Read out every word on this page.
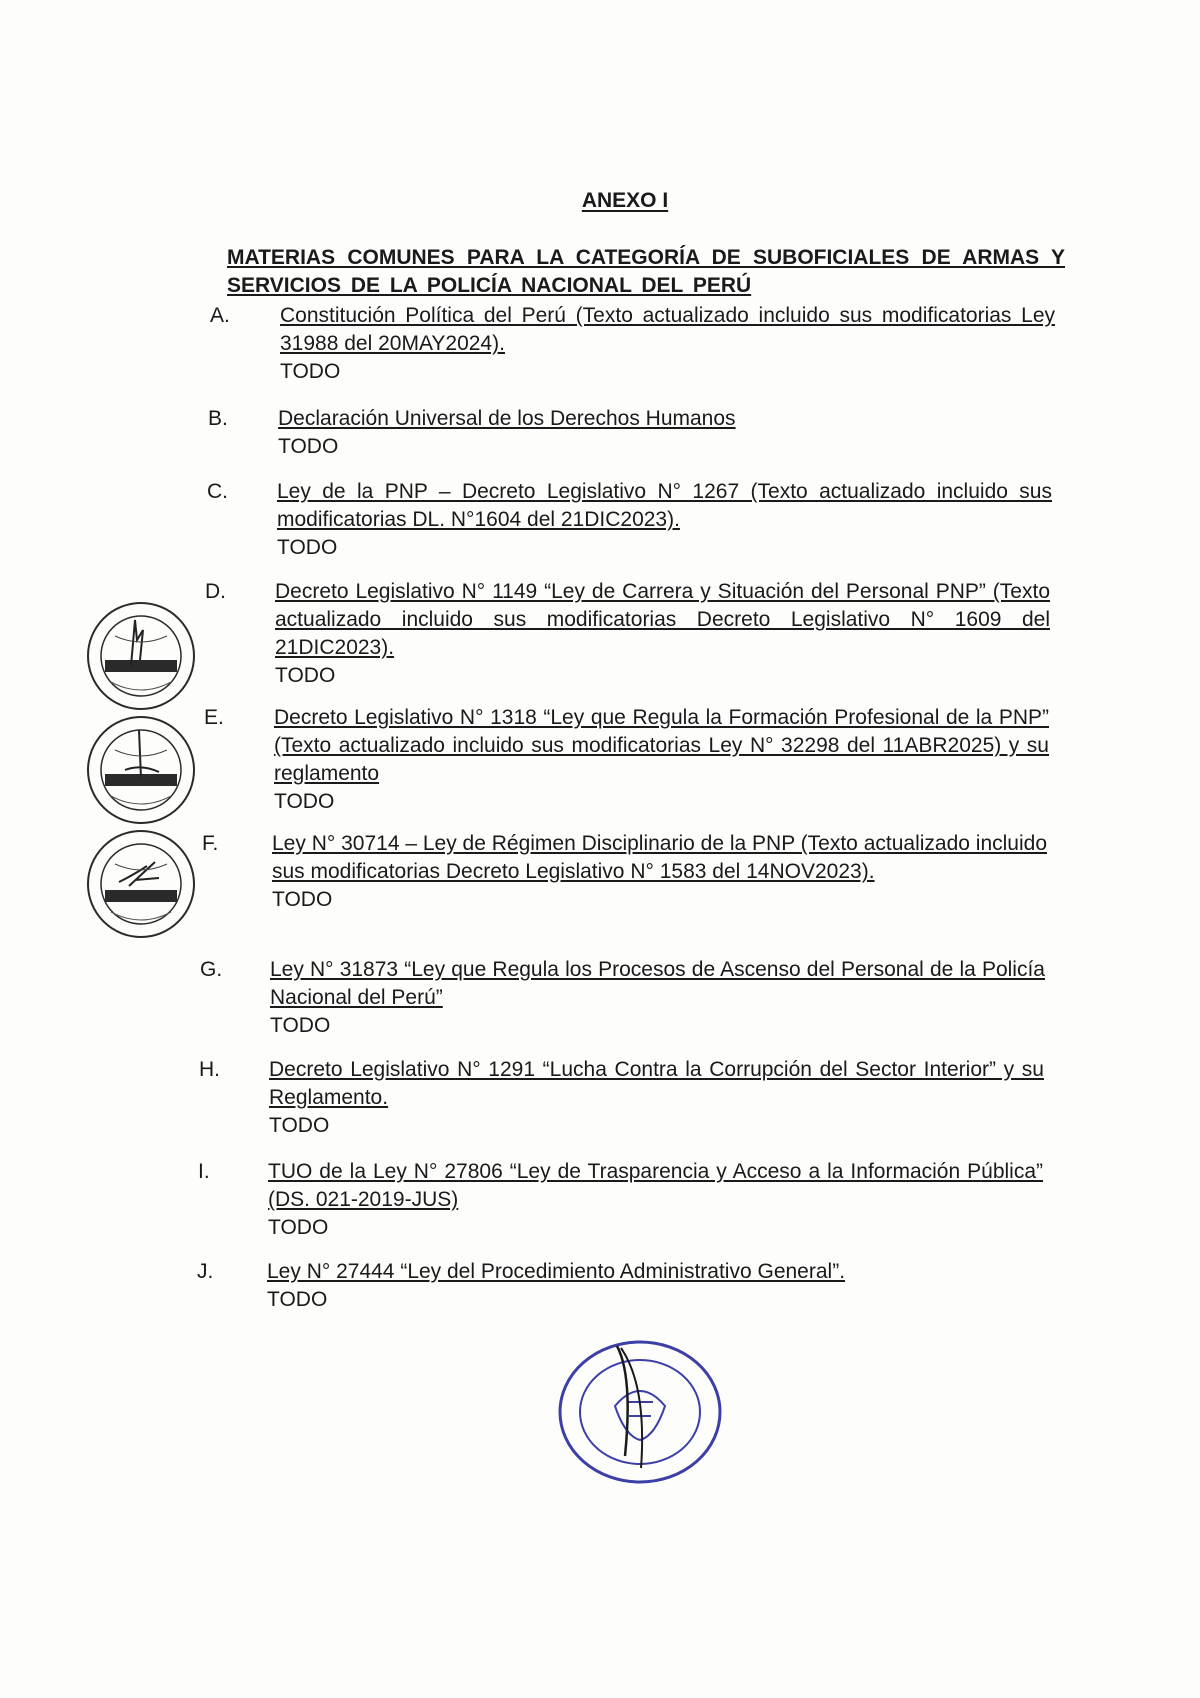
ANEXO I
MATERIAS COMUNES PARA LA CATEGORÍA DE SUBOFICIALES DE ARMAS Y SERVICIOS DE LA POLICÍA NACIONAL DEL PERÚ
A.	Constitución Política del Perú (Texto actualizado incluido sus modificatorias Ley 31988 del 20MAY2024).
TODO
B.	Declaración Universal de los Derechos Humanos
TODO
C.	Ley de la PNP – Decreto Legislativo N° 1267 (Texto actualizado incluido sus modificatorias DL. N°1604 del 21DIC2023).
TODO
D.	Decreto Legislativo N° 1149 “Ley de Carrera y Situación del Personal PNP” (Texto actualizado incluido sus modificatorias Decreto Legislativo N° 1609 del 21DIC2023).
TODO
E.	Decreto Legislativo N° 1318 “Ley que Regula la Formación Profesional de la PNP” (Texto actualizado incluido sus modificatorias Ley N° 32298 del 11ABR2025) y su reglamento
TODO
F.	Ley N° 30714 – Ley de Régimen Disciplinario de la PNP (Texto actualizado incluido sus modificatorias Decreto Legislativo N° 1583 del 14NOV2023).
TODO
G.	Ley N° 31873 “Ley que Regula los Procesos de Ascenso del Personal de la Policía Nacional del Perú”
TODO
H.	Decreto Legislativo N° 1291 “Lucha Contra la Corrupción del Sector Interior” y su Reglamento.
TODO
I.	TUO de la Ley N° 27806 “Ley de Trasparencia y Acceso a la Información Pública” (DS. 021-2019-JUS)
TODO
J.	Ley N° 27444 “Ley del Procedimiento Administrativo General”.
TODO
